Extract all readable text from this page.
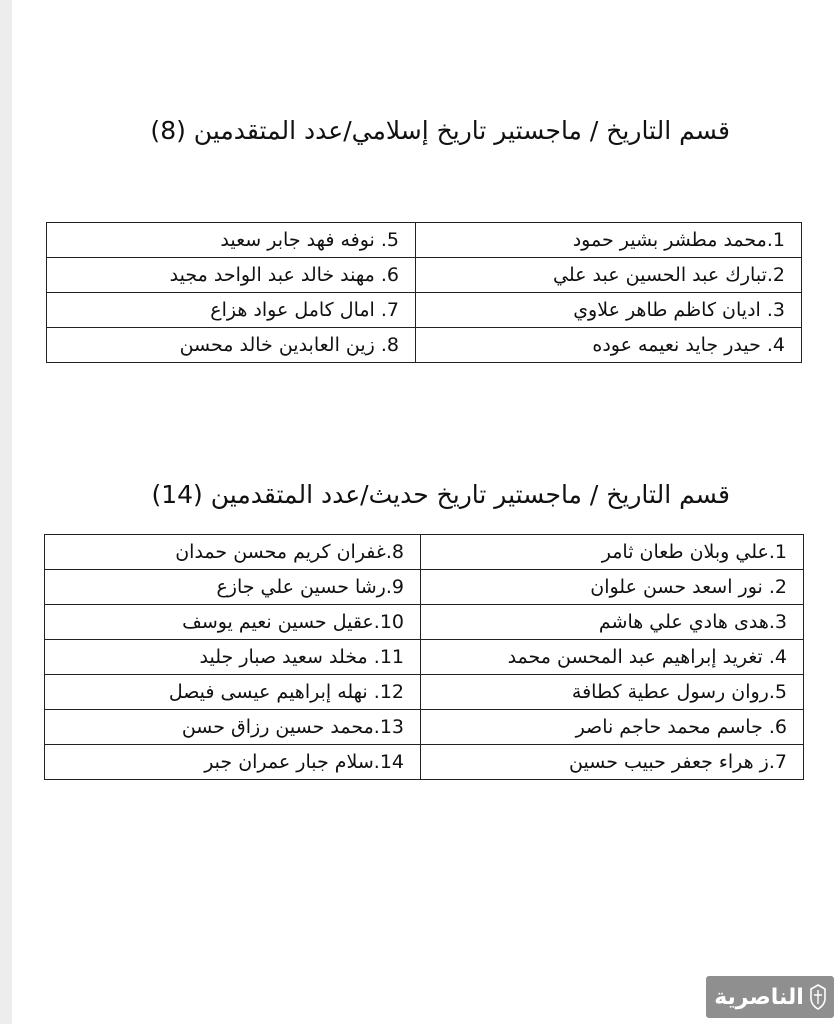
قسم التاريخ / ماجستير تاريخ إسلامي/عدد المتقدمين (8)
1.محمد مطشر بشير حمود	5. نوفه فهد جابر سعيد
2.تبارك عبد الحسين عبد علي	6. مهند خالد عبد الواحد مجيد
3. اديان كاظم طاهر علاوي	7. امال كامل عواد هزاع
4. حيدر جايد نعيمه عوده	8. زين العابدين خالد محسن
قسم التاريخ / ماجستير تاريخ حديث/عدد المتقدمين (14)
1.علي وبلان طعان ثامر	8.غفران كريم محسن حمدان
2. نور اسعد حسن علوان	9.رشا حسين علي جازع
3.هدى هادي علي هاشم	10.عقيل حسين نعيم يوسف
4. تغريد إبراهيم عبد المحسن محمد	11. مخلد سعيد صبار جليد
5.روان رسول عطية كطافة	12. نهله إبراهيم عيسى فيصل
6. جاسم محمد حاجم ناصر	13.محمد حسين رزاق حسن
7.ز هراء جعفر حبيب حسين	14.سلام جبار عمران جبر
الناصرية
